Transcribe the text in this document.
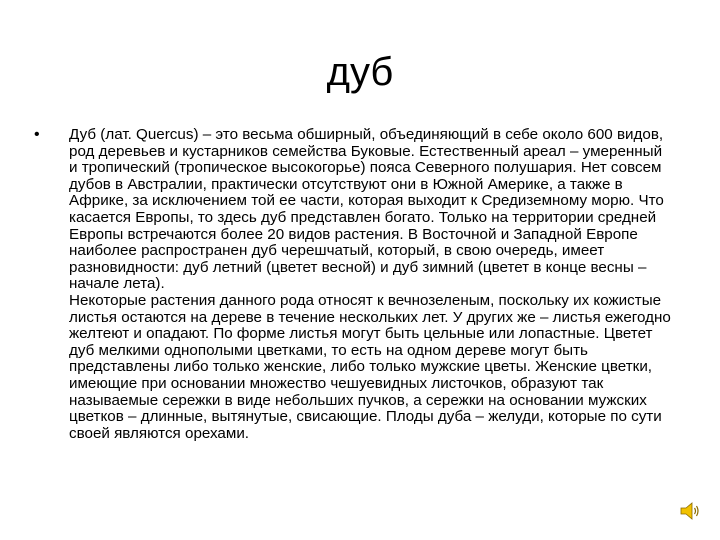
дуб
• Дуб (лат. Quercus) – это весьма обширный, объединяющий в себе около 600 видов, род деревьев и кустарников семейства Буковые. Естественный ареал – умеренный и тропический (тропическое высокогорье) пояса Северного полушария. Нет совсем дубов в Австралии, практически отсутствуют они в Южной Америке, а также в Африке, за исключением той ее части, которая выходит к Средиземному морю. Что касается Европы, то здесь дуб представлен богато. Только на территории средней Европы встречаются более 20 видов растения. В Восточной и Западной Европе наиболее распространен дуб черешчатый, который, в свою очередь, имеет разновидности: дуб летний (цветет весной) и дуб зимний (цветет в конце весны – начале лета).
Некоторые растения данного рода относят к вечнозеленым, поскольку их кожистые листья остаются на дереве в течение нескольких лет. У других же – листья ежегодно желтеют и опадают. По форме листья могут быть цельные или лопастные. Цветет дуб мелкими однополыми цветками, то есть на одном дереве могут быть представлены либо только женские, либо только мужские цветы. Женские цветки, имеющие при основании множество чешуевидных листочков, образуют так называемые сережки в виде небольших пучков, а сережки на основании мужских цветков – длинные, вытянутые, свисающие. Плоды дуба – желуди, которые по сути своей являются орехами.
